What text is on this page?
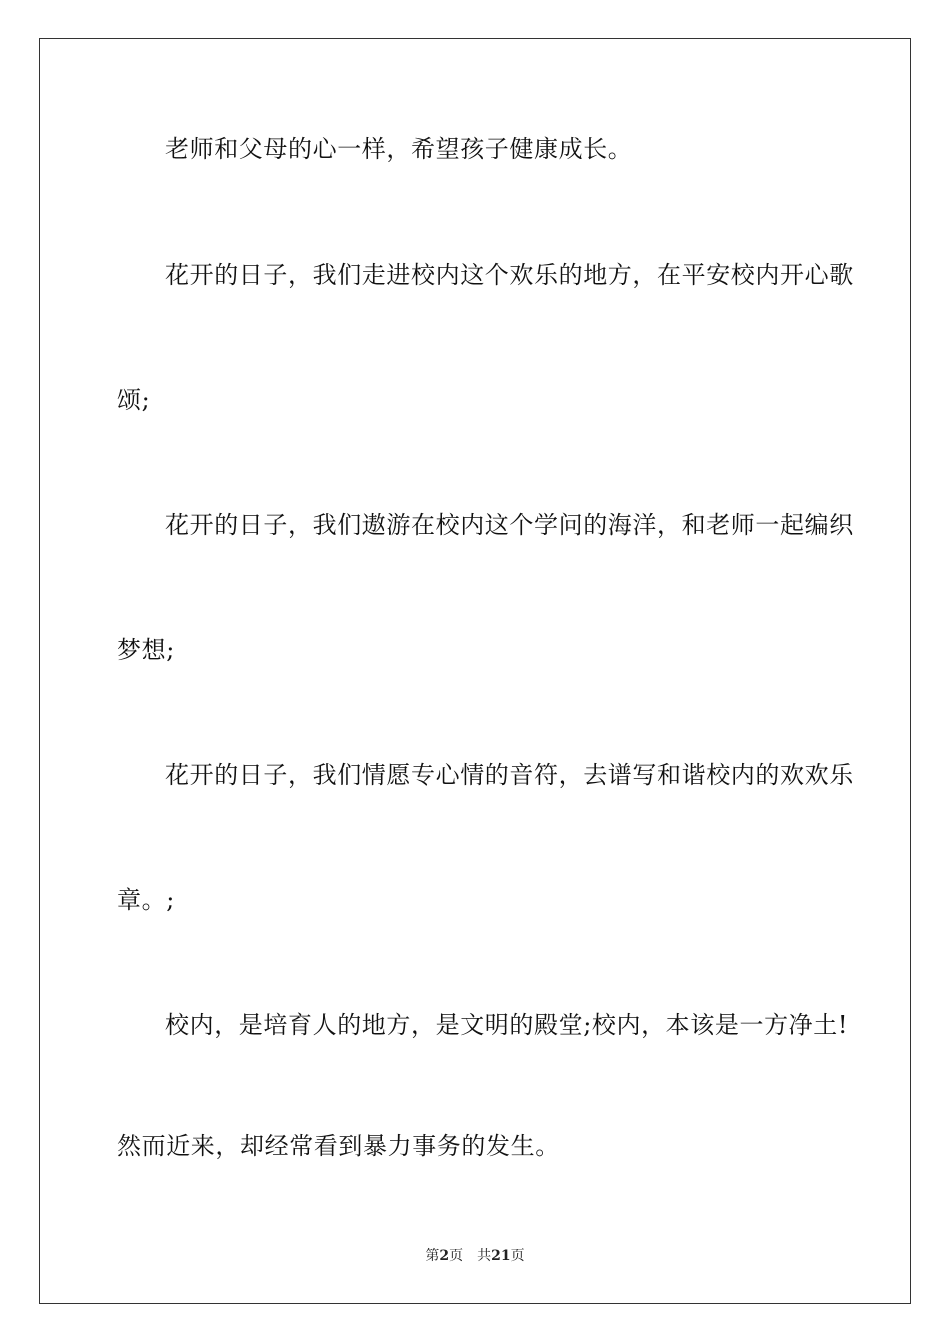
老师和父母的心一样，希望孩子健康成长。
花开的日子，我们走进校内这个欢乐的地方，在平安校内开心歌
颂;
花开的日子，我们遨游在校内这个学问的海洋，和老师一起编织
梦想;
花开的日子，我们情愿专心情的音符，去谱写和谐校内的欢欢乐
章。;
校内，是培育人的地方，是文明的殿堂;校内，本该是一方净土!
然而近来，却经常看到暴力事务的发生。
第2页 共21页
